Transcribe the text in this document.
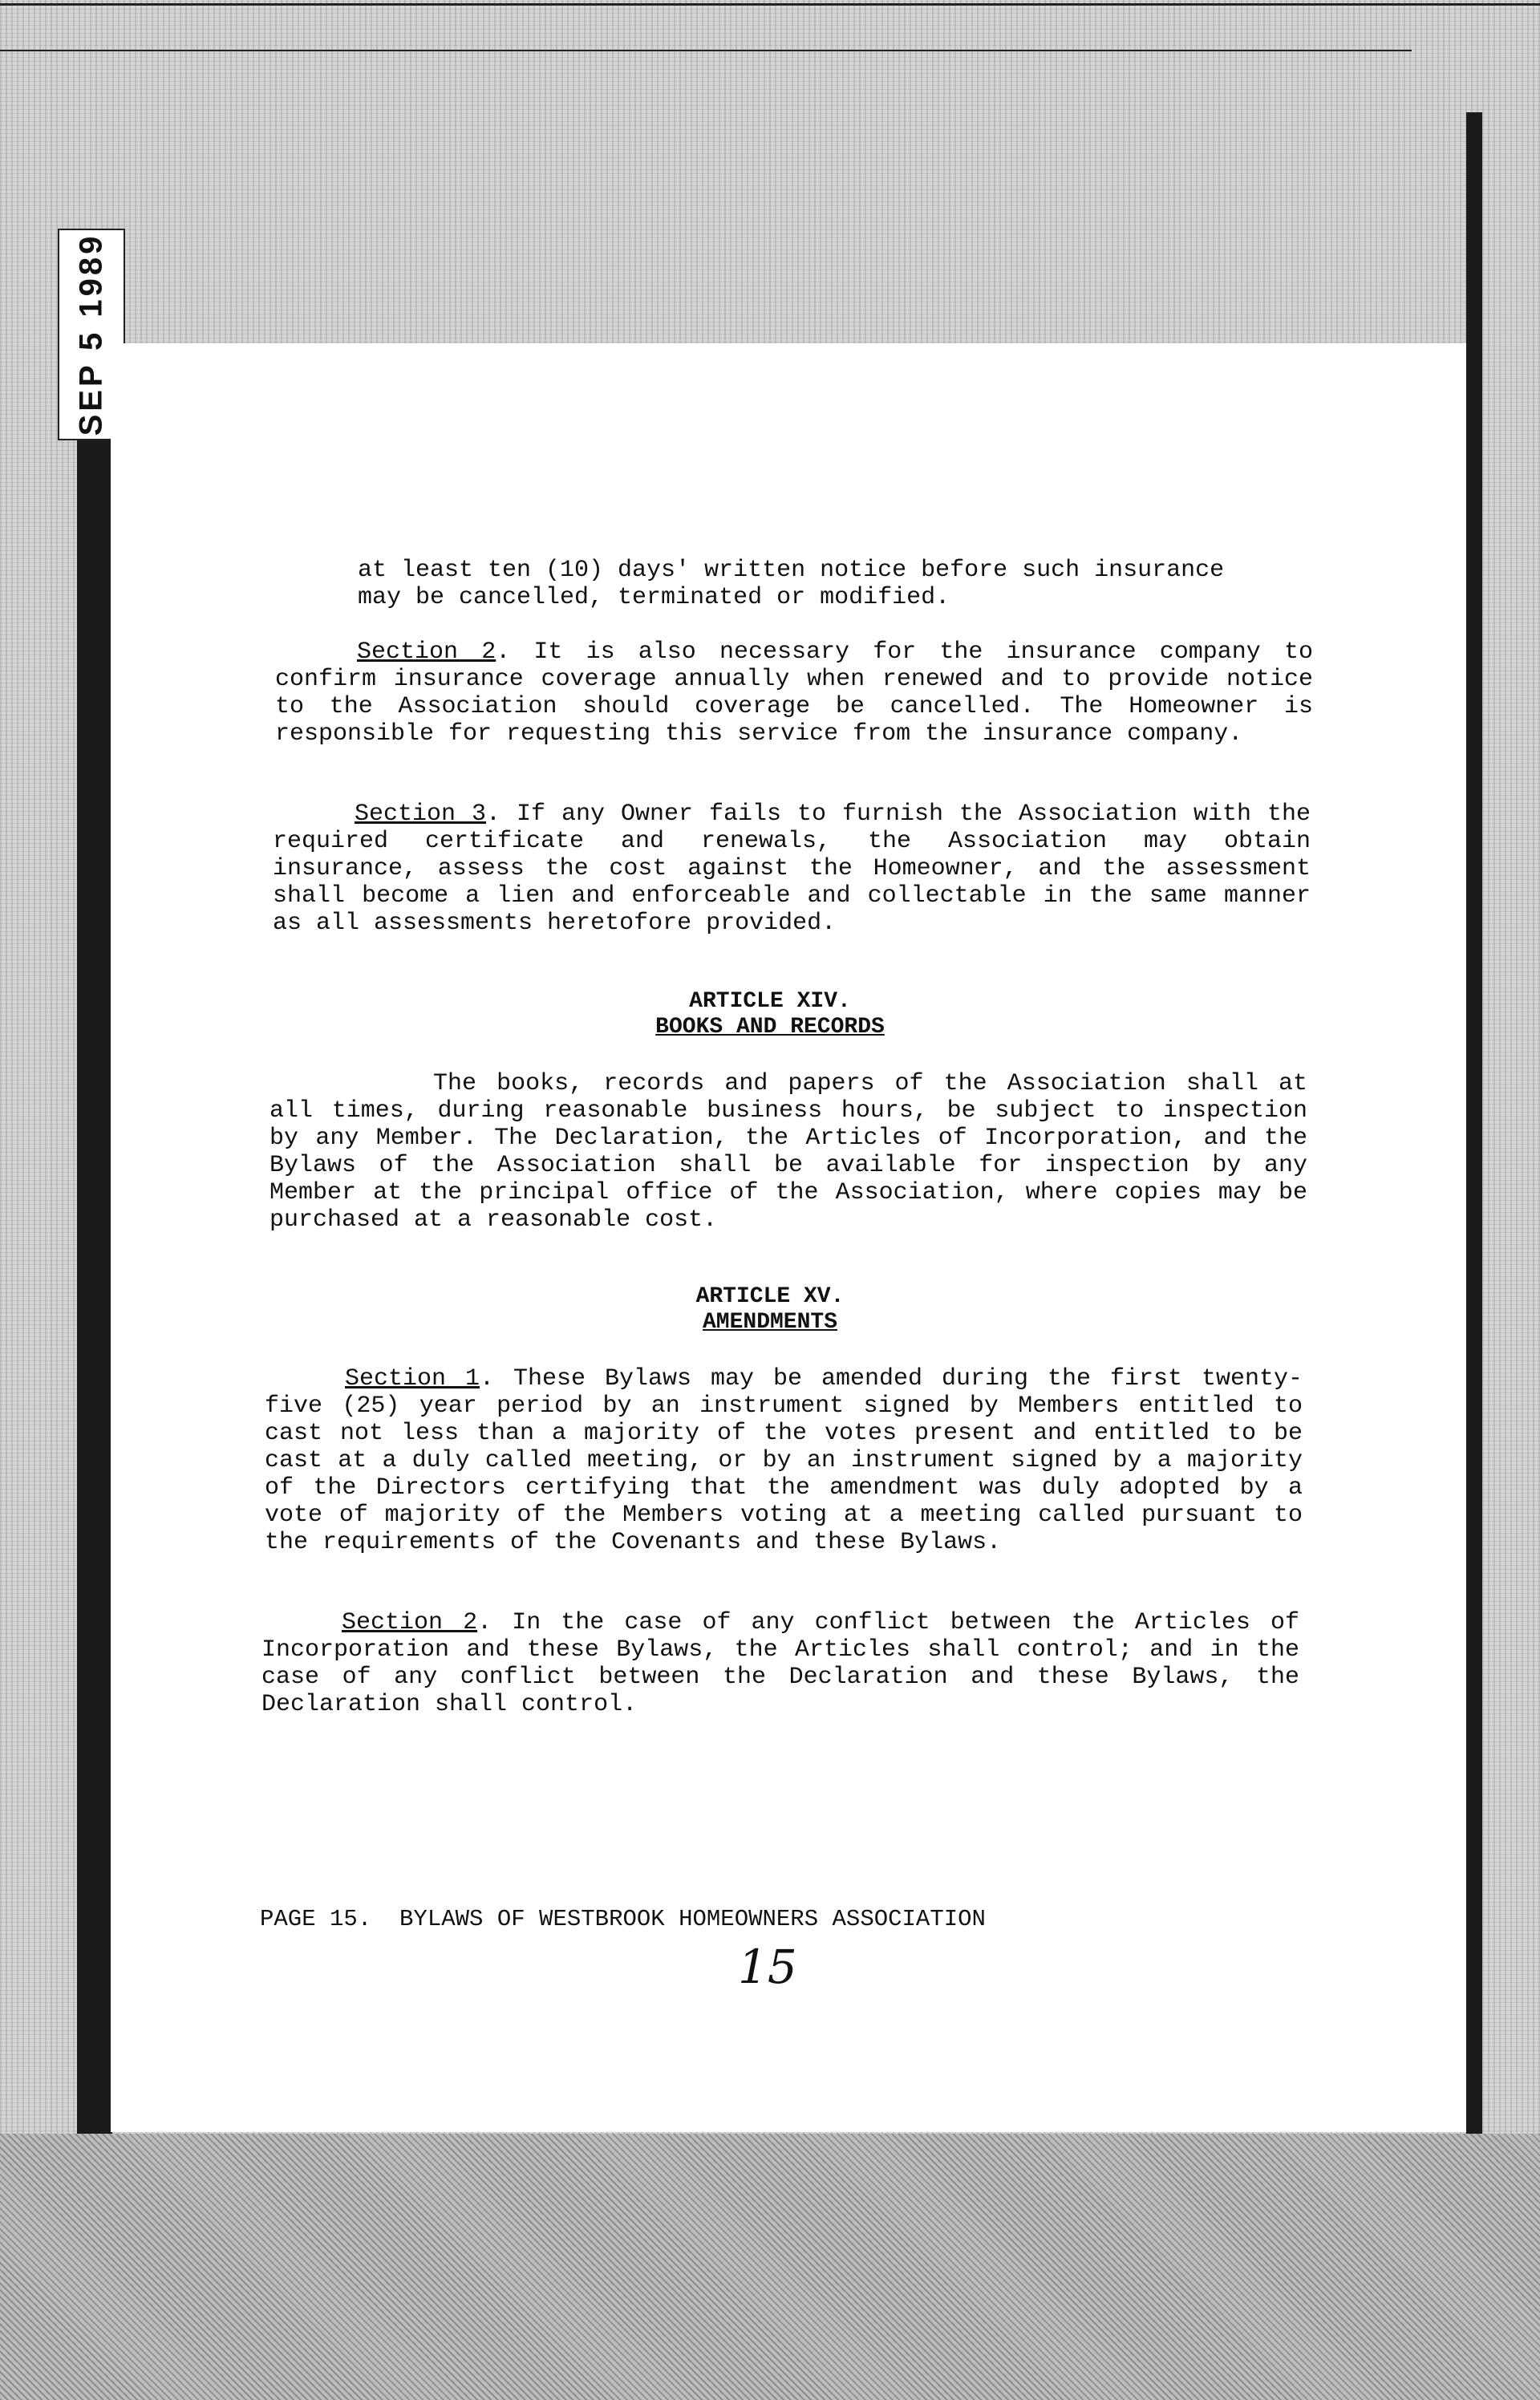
SEP 5 1989
at least ten (10) days' written notice before such insurance
may be cancelled, terminated or modified.
Section 2. It is also necessary for the insurance company to confirm insurance coverage annually when renewed and to provide notice to the Association should coverage be cancelled. The Homeowner is responsible for requesting this service from the insurance company.
Section 3. If any Owner fails to furnish the Association with the required certificate and renewals, the Association may obtain insurance, assess the cost against the Homeowner, and the assessment shall become a lien and enforceable and collectable in the same manner as all assessments heretofore provided.
ARTICLE XIV.
BOOKS AND RECORDS
The books, records and papers of the Association shall at all times, during reasonable business hours, be subject to inspection by any Member. The Declaration, the Articles of Incorporation, and the Bylaws of the Association shall be available for inspection by any Member at the principal office of the Association, where copies may be purchased at a reasonable cost.
ARTICLE XV.
AMENDMENTS
Section 1. These Bylaws may be amended during the first twenty-five (25) year period by an instrument signed by Members entitled to cast not less than a majority of the votes present and entitled to be cast at a duly called meeting, or by an instrument signed by a majority of the Directors certifying that the amendment was duly adopted by a vote of majority of the Members voting at a meeting called pursuant to the requirements of the Covenants and these Bylaws.
Section 2. In the case of any conflict between the Articles of Incorporation and these Bylaws, the Articles shall control; and in the case of any conflict between the Declaration and these Bylaws, the Declaration shall control.
PAGE 15.  BYLAWS OF WESTBROOK HOMEOWNERS ASSOCIATION
15
